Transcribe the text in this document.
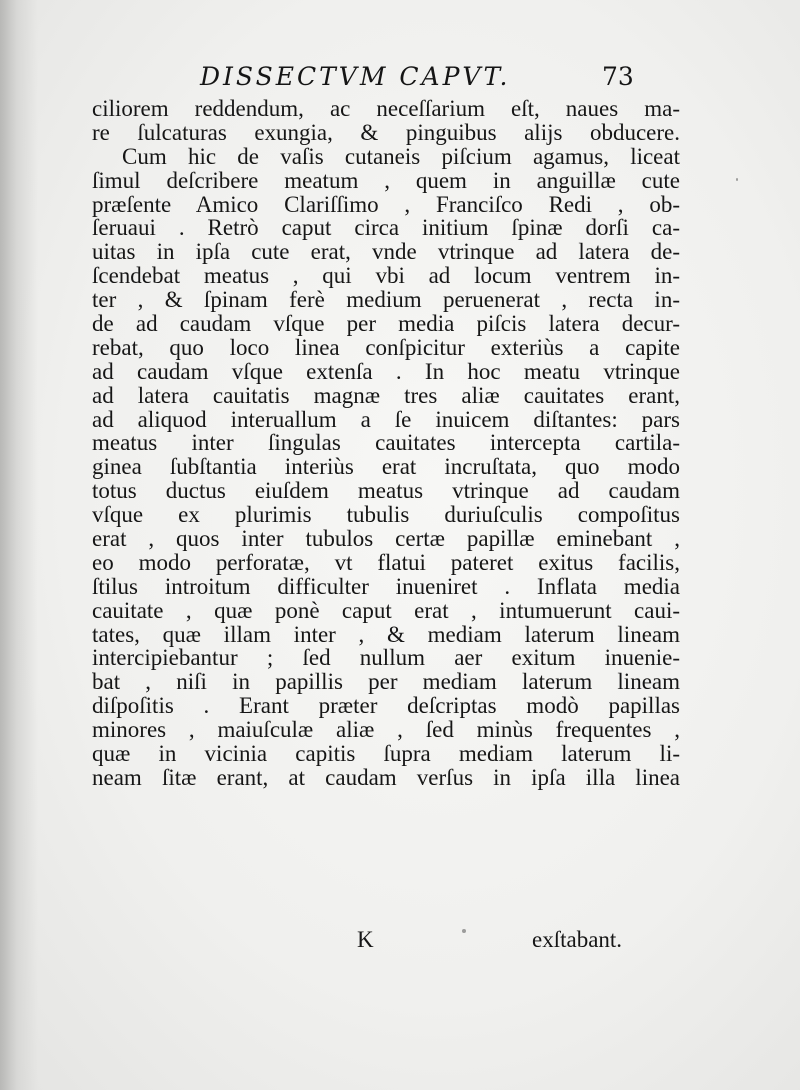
DISSECTVM CAPVT.	73
ciliorem reddendum, ac neceſſarium eſt, naues ma-
re ſulcaturas exungia, & pinguibus alijs obducere.
Cum hic de vaſis cutaneis piſcium agamus, liceat
ſimul deſcribere meatum , quem in anguillæ cute
præſente Amico Clariſſimo , Franciſco Redi , ob-
ſeruaui . Retrò caput circa initium ſpinæ dorſi ca-
uitas in ipſa cute erat, vnde vtrinque ad latera de-
ſcendebat meatus , qui vbi ad locum ventrem in-
ter , & ſpinam ferè medium peruenerat , recta in-
de ad caudam vſque per media piſcis latera decur-
rebat, quo loco linea conſpicitur exteriùs a capite
ad caudam vſque extenſa . In hoc meatu vtrinque
ad latera cauitatis magnæ tres aliæ cauitates erant,
ad aliquod interuallum a ſe inuicem diſtantes: pars
meatus inter ſingulas cauitates intercepta cartila-
ginea ſubſtantia interiùs erat incruſtata, quo modo
totus ductus eiuſdem meatus vtrinque ad caudam
vſque ex plurimis tubulis duriuſculis compoſitus
erat , quos inter tubulos certæ papillæ eminebant ,
eo modo perforatæ, vt flatui pateret exitus facilis,
ſtilus introitum difficulter inueniret . Inflata media
cauitate , quæ ponè caput erat , intumuerunt caui-
tates, quæ illam inter , & mediam laterum lineam
intercipiebantur ; ſed nullum aer exitum inuenie-
bat , niſi in papillis per mediam laterum lineam
diſpoſitis . Erant præter deſcriptas modò papillas
minores , maiuſculæ aliæ , ſed minùs frequentes ,
quæ in vicinia capitis ſupra mediam laterum li-
neam ſitæ erant, at caudam verſus in ipſa illa linea
K	exſtabant.
